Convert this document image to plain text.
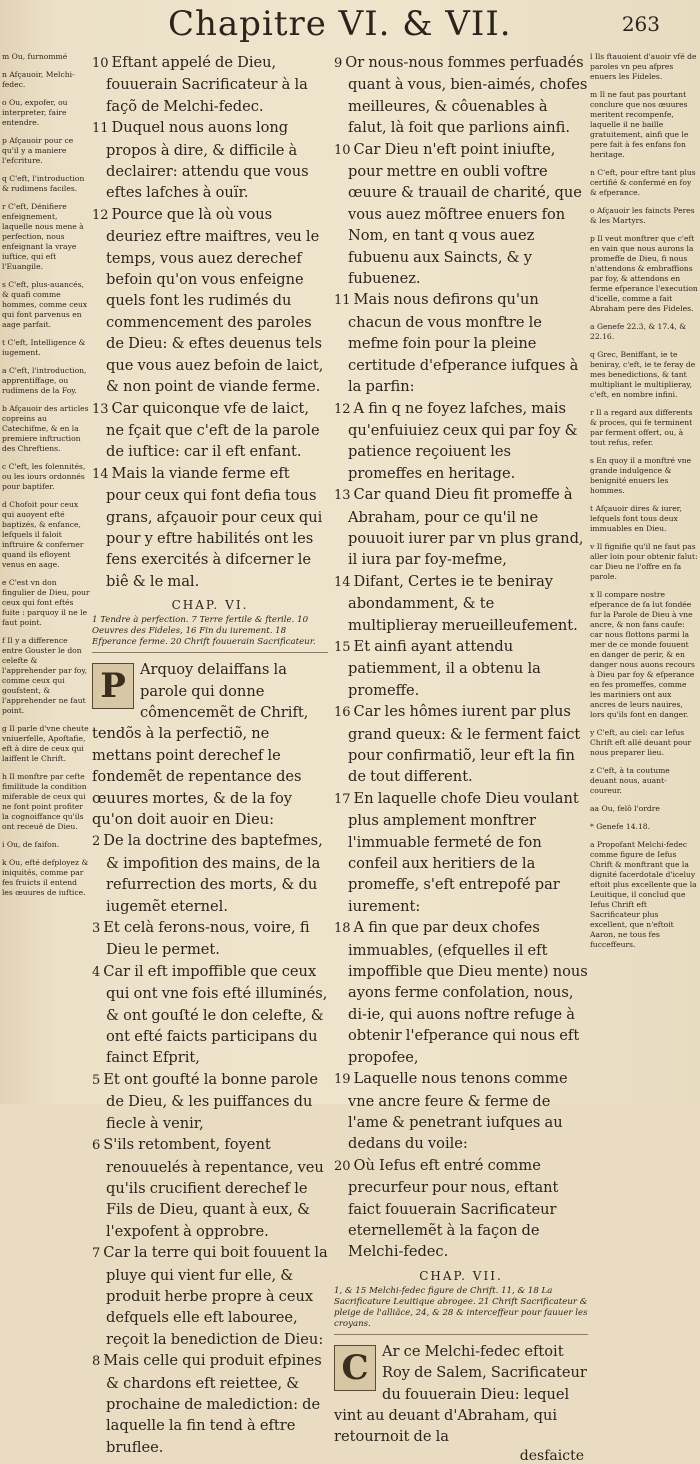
Chapitre VI. & VII.	263
m Ou, furnommé
n Afçauoir, Melchi-fedec.
o Ou, expofer, ou interpreter, faire entendre.
p Afçauoir pour ce qu'il y a maniere l'efcriture.
q C'eft, l'introduction & rudimens faciles.
r C'eft, Dénifiere enfeignement, laquelle nous mene à perfection, nous enfeignant la vraye iuftice, qui eft l'Euangile.
s C'eft, plus-auancés, & quafi comme hommes, comme ceux qui font parvenus en aage parfait.
t C'eft, Intelligence & iugement.
a C'eft, l'introduction, apprentiffage, ou rudimens de la Foy.
b Afçauoir des articles copreins au Catechifme, & en la premiere inftruction des Chreftiens.
c C'eft, les folennités, ou les iours ordonnés pour baptifer.
d Chofoit pour ceux qui auoyent efté baptizés, & enfance, lefquels il faloit inftruire & conferner quand ils efloyent venus en aage.
e C'est vn don fingulier de Dieu, pour ceux qui font eftés fuite : parquoy il ne le faut point.
f Il y a difference entre Gouster le don celefte & l'apprehender par foy, comme ceux qui goufstent, & l'apprehender ne faut point.
g Il parle d'vne cheute vniuerfelle, Apoftafie, eft à dire de ceux qui laiffent le Chrift.
h Il monftre par cefte fimilitude la condition miferable de ceux qui ne font point profiter la cognoiffance qu'ils ont receuë de Dieu.
i Ou, de faifon.
k Ou, efté defployez & iniquités, comme par fes fruicts il entend les œuures de iuftice.

10 Eftant appelé de Dieu, fouuerain Sacrificateur à la façõ de Melchi-fedec.

11 Duquel nous auons long propos à dire, & difficile à declairer: attendu que vous eftes lafches à ouïr.

12 Pource que là où vous deuriez eftre maiftres, veu le temps, vous auez derechef befoin qu'on vous enfeigne quels font les rudimés du commencement des paroles de Dieu: & eftes deuenus tels que vous auez befoin de laict, & non point de viande ferme.

13 Car quiconque vfe de laict, ne fçait que c'eft de la parole de iuftice: car il eft enfant.

14 Mais la viande ferme eft pour ceux qui font defia tous grans, afçauoir pour ceux qui pour y eftre habilités ont les fens exercités à difcerner le biê & le mal.

CHAP. VI.
1 Tendre à perfection. 7 Terre fertile & fterile. 10 Oeuvres des Fideles, 16 Fin du iurement. 18 Efperance ferme. 20 Chrift fouuerain Sacrificateur.
P Arquoy delaiffans la parole qui donne cômencemẽt de Chrift, tendõs à la perfectiõ, ne mettans point derechef le fondemẽt de repentance des œuures mortes, & de la foy qu'on doit auoir en Dieu:

2 De la doctrine des baptefmes, & impofition des mains, de la refurrection des morts, & du iugemẽt eternel.

3 Et celà ferons-nous, voire, fi Dieu le permet.

4 Car il eft impoffible que ceux qui ont vne fois efté illuminés, & ont gouſté le don celefte, & ont efté faicts participans du fainct Efprit,

5 Et ont goufté la bonne parole de Dieu, & les puiffances du fiecle à venir,

6 S'ils retombent, foyent renouuelés à repentance, veu qu'ils crucifient derechef le Fils de Dieu, quant à eux, & l'expofent à opprobre.

7 Car la terre qui boit fouuent la pluye qui vient fur elle, & produit herbe propre à ceux defquels elle eft labouree, reçoit la benediction de Dieu:

8 Mais celle qui produit efpines & chardons eft reiettee, & prochaine de malediction: de laquelle la fin tend à eftre bruflee.

9 Or nous-nous fommes perfuadés quant à vous, bien-aimés, chofes meilleures, & côuenables à falut, là foit que parlions ainfi.

10 Car Dieu n'eft point iniufte, pour mettre en oubli voftre œuure & trauail de charité, que vous auez mõftree enuers fon Nom, en tant q vous auez fubuenu aux Saincts, & y fubuenez.

11 Mais nous defirons qu'un chacun de vous monftre le mefme foin pour la pleine certitude d'efperance iufques à la parfin:

12 A fin q ne foyez lafches, mais qu'enfuiuiez ceux qui par foy & patience reçoiuent les promeffes en heritage.

13 Car quand Dieu fit promeffe à Abraham, pour ce qu'il ne pouuoit iurer par vn plus grand, il iura par foy-mefme,

14 Difant, Certes ie te beniray abondamment, & te multiplieray merueilleufement.

15 Et ainfi ayant attendu patiemment, il a obtenu la promeffe.

16 Car les hômes iurent par plus grand queux: & le ferment faict pour confirmatiõ, leur eft la fin de tout different.

17 En laquelle chofe Dieu voulant plus amplement monftrer l'immuable fermeté de fon confeil aux heritiers de la promeffe, s'eft entrepofé par iurement:

18 A fin que par deux chofes immuables, (efquelles il eft impoffible que Dieu mente) nous ayons ferme confolation, nous, di-ie, qui auons noftre refuge à obtenir l'efperance qui nous eft propofee,

19 Laquelle nous tenons comme vne ancre feure & ferme de l'ame & penetrant iufques au dedans du voile:

20 Où Iefus eft entré comme precurfeur pour nous, eftant faict fouuerain Sacrificateur eternellemẽt à la façon de Melchi-fedec.

CHAP. VII.
1, & 15 Melchi-fedec figure de Chrift. 11, & 18 La Sacrificature Leuitique abrogee. 21 Chrift Sacrificateur & pleige de l'alliãce, 24, & 28 & interceffeur pour fauuer les croyans.
C Ar ce Melchi-fedec eftoit Roy de Salem, Sacrificateur du fouuerain Dieu: lequel vint au deuant d'Abraham, qui retournoit de la

desfaicte

l Ils ftauoient d'auoir vfé de paroles vn peu afpres enuers les Fideles.
m Il ne faut pas pourtant conclure que nos œuures meritent recompenfe, laquelle il ne baille gratuitement, ainfi que le pere fait à fes enfans fon heritage.
n C'eft, pour eftre tant plus certifié & confermé en foy & efperance.
o Afçauoir les faincts Peres & les Martyrs.
p Il veut monftrer que c'eft en vain que nous aurons la promeffe de Dieu, fi nous n'attendons & embraffions par foy, & attendons en ferme efperance l'execution d'icelle, comme a fait Abraham pere des Fideles.
a Genefe 22.3, & 17.4, & 22.16.
q Grec, Beniffant, ie te beniray, c'eft, ie te feray de mes benedictions, & tant multipliant le multiplieray, c'eft, en nombre infini.
r Il a regard aux differents & proces, qui fe terminent par ferment offert, ou, à tout refus, refer.
s En quoy il a monftré vne grande indulgence & benignité enuers les hommes.
t Afçauoir dires & iurer, lefquels font tous deux immuables en Dieu.
v Il fignifie qu'il ne faut pas aller loin pour obtenir falut: car Dieu ne l'offre en fa parole.
x Il compare nostre efperance de fa lut fondée fur la Parole de Dieu à vne ancre, & non fans caufe: car nous flottons parmi la mer de ce monde fouuent en danger de perir, & en danger nous auons recours à Dieu par foy & efperance en fes promeffes, comme les mariniers ont aux ancres de leurs nauires, lors qu'ils font en danger.
y C'eft, au ciel: car Iefus Chrift eft allé deuant pour nous preparer lieu.
z C'eft, à ta coutume deuant nous, auant-coureur.
aa Ou, felô l'ordre
* Genefe 14.18.
a Propofant Melchi-fedec comme figure de Iefus Chrift & monftrant que la dignité facerdotale d'iceluy eftoit plus excellente que la Leuitique, il conclud que Iefus Chrift eft Sacrificateur plus excellent, que n'eftoit Aaron, ne tous fes fucceffeurs.
